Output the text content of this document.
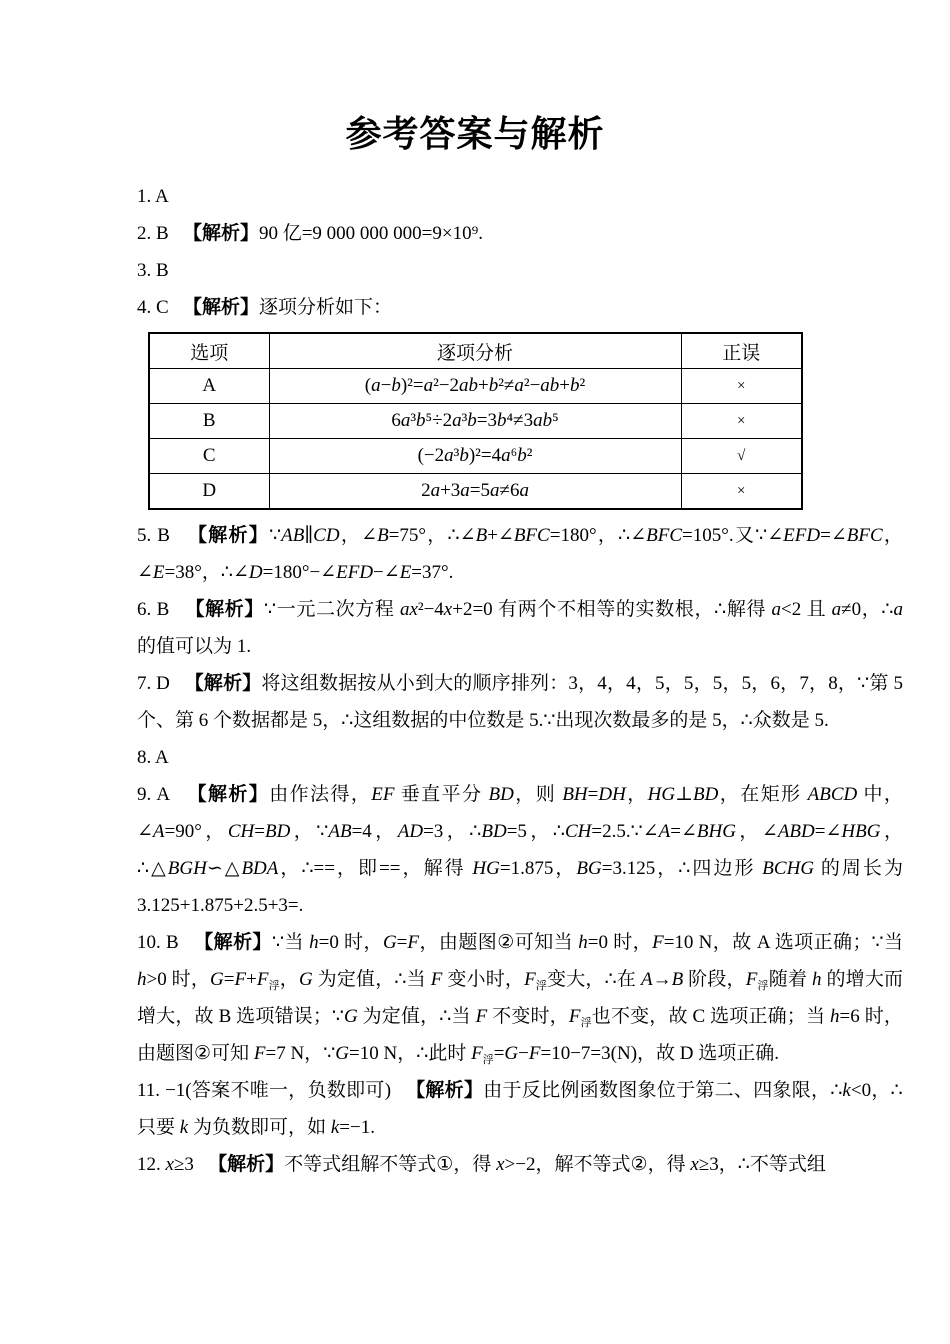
参考答案与解析

1. A

2. B   【解析】90 亿=9 000 000 000=9×10⁹.

3. B

4. C   【解析】逐项分析如下：

选项	逐项分析	正误
A	(a−b)²=a²−2ab+b²≠a²−ab+b²	×
B	6a³b⁵÷2a³b=3b⁴≠3ab⁵	×
C	(−2a³b)²=4a⁶b²	√
D	2a+3a=5a≠6a	×

5. B   【解析】∵AB∥CD，∠B=75°，∴∠B+∠BFC=180°，∴∠BFC=105°.又∵∠EFD=∠BFC，∠E=38°，∴∠D=180°−∠EFD−∠E=37°.

6. B   【解析】∵一元二次方程 ax²−4x+2=0 有两个不相等的实数根，∴解得 a<2 且 a≠0，∴a 的值可以为 1.

7. D   【解析】将这组数据按从小到大的顺序排列：3，4，4，5，5，5，5，6，7，8，∵第 5 个、第 6 个数据都是 5，∴这组数据的中位数是 5.∵出现次数最多的是 5，∴众数是 5.

8. A

9. A   【解析】由作法得，EF 垂直平分 BD，则 BH=DH，HG⊥BD，在矩形 ABCD 中，∠A=90°，CH=BD，∵AB=4，AD=3，∴BD=5，∴CH=2.5.∵∠A=∠BHG，∠ABD=∠HBG，∴△BGH∽△BDA，∴==，即==，解得 HG=1.875，BG=3.125，∴四边形 BCHG 的周长为 3.125+1.875+2.5+3=.

10. B   【解析】∵当 h=0 时，G=F，由题图②可知当 h=0 时，F=10 N，故 A 选项正确；∵当 h>0 时，$G=F+F_浮$，G 为定值，∴当 F 变小时，$F_浮$变大，∴在 A→B 阶段，$F_浮$随着 h 的增大而增大，故 B 选项错误；∵G 为定值，∴当 F 不变时，$F_浮$也不变，故 C 选项正确；当 h=6 时，由题图②可知 F=7 N，∵G=10 N，∴此时 $F_浮=G-F=10-7=3(N)$，故 D 选项正确.

11. −1(答案不唯一，负数即可)   【解析】由于反比例函数图象位于第二、四象限，∴k<0，∴只要 k 为负数即可，如 k=−1.

12. x≥3 【解析】不等式组解不等式①，得 x>−2，解不等式②，得 x≥3，∴不等式组
